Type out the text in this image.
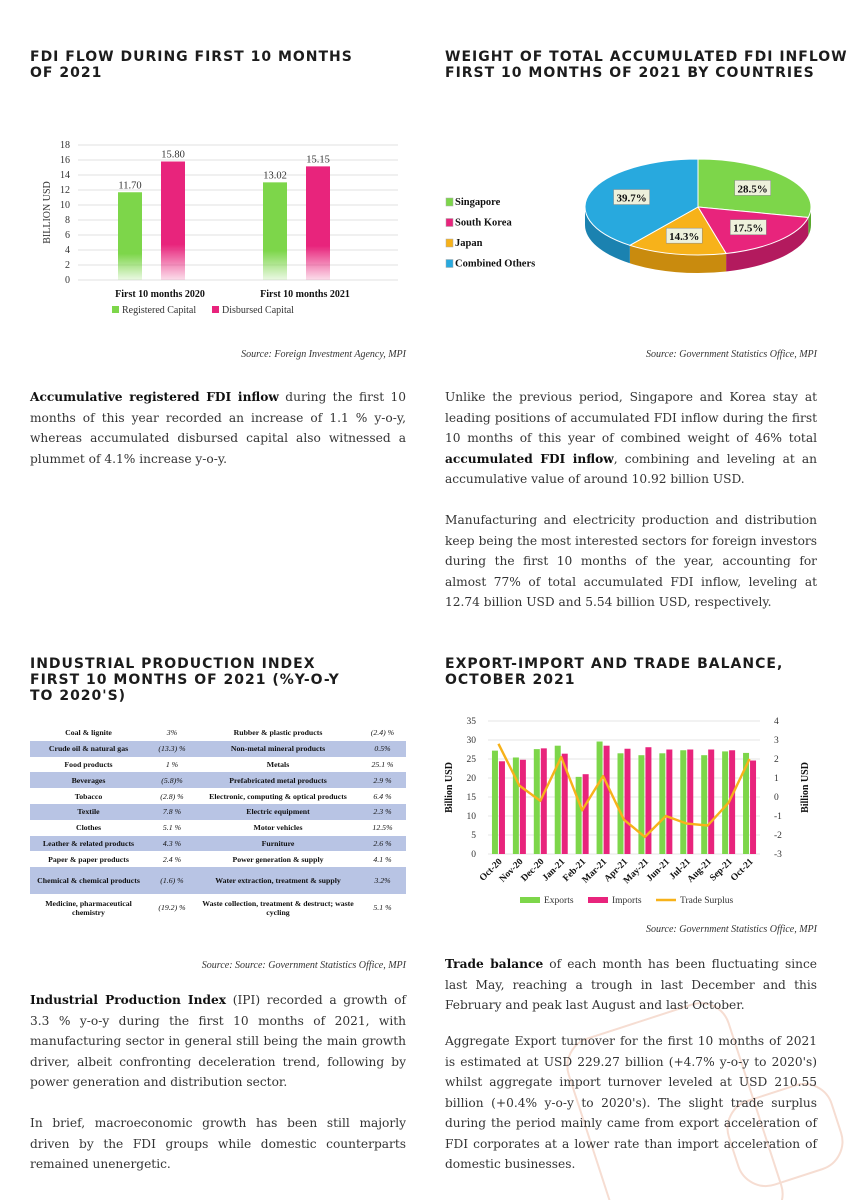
FDI FLOW DURING FIRST 10 MONTHS
OF 2021
0
2
4
6
8
10
12
14
16
18
BILLION USD	11.70
15.80
First 10 months 2020
13.02
15.15
First 10 months 2021
Registered Capital	Disbursed Capital
Source: Foreign Investment Agency, MPI
Accumulative registered FDI inflow during the first 10 months of this year recorded an increase of 1.1 % y-o-y, whereas accumulated disbursed capital also witnessed a plummet of 4.1% increase y-o-y.
WEIGHT OF TOTAL ACCUMULATED FDI INFLOW
FIRST 10 MONTHS OF 2021 BY COUNTRIES
28.5%
17.5%
14.3%
39.7%
Singapore
South Korea
Japan
Combined Others
Source: Government Statistics Office, MPI
Unlike the previous period, Singapore and Korea stay at leading positions of accumulated FDI inflow during the first 10 months of this year of combined weight of 46% total accumulated FDI inflow, combining and leveling at an accumulative value of around 10.92 billion USD.
Manufacturing and electricity production and distribution keep being the most interested sectors for foreign investors during the first 10 months of the year, accounting for almost 77% of total accumulated FDI inflow, leveling at 12.74 billion USD and 5.54 billion USD, respectively.
INDUSTRIAL PRODUCTION INDEX
FIRST 10 MONTHS OF 2021 (%Y-O-Y
TO 2020'S)
Coal & lignite	3%	Rubber & plastic products	(2.4) %
Crude oil & natural gas	(13.3) %	Non-metal mineral products	0.5%
Food products	1 %	Metals	25.1 %
Beverages	(5.8)%	Prefabricated metal products	2.9 %
Tobacco	(2.8) %	Electronic, computing & optical products	6.4 %
Textile	7.8 %	Electric equipment	2.3 %
Clothes	5.1 %	Motor vehicles	12.5%
Leather & related products	4.3 %	Furniture	2.6 %
Paper & paper products	2.4 %	Power generation & supply	4.1 %
Chemical & chemical products	(1.6) %	Water extraction, treatment & supply	3.2%
Medicine, pharmaceutical chemistry	(19.2) %	Waste collection, treatment & destruct; waste cycling	5.1 %
Source: Source: Government Statistics Office, MPI
Industrial Production Index (IPI) recorded a growth of 3.3 % y-o-y during the first 10 months of 2021, with manufacturing sector in general still being the main growth driver, albeit confronting deceleration trend, following by power generation and distribution sector.
In brief, macroeconomic growth has been still majorly driven by the FDI groups while domestic counterparts remained unenergetic.
EXPORT-IMPORT AND TRADE BALANCE,
OCTOBER 2021
0
5
10
15
20
25
30
35
-3
-2
-1
0
1
2
3
4
Billion USD	Billion USD
Oct-20
Nov-20
Dec-20
Jan-21
Feb-21
Mar-21
Apr-21
May-21
Jun-21
Jul-21
Aug-21
Sep-21
Oct-21
Exports	Imports	Trade Surplus
Source: Government Statistics Office, MPI
Trade balance of each month has been fluctuating since last May, reaching a trough in last December and this February and peak last August and last October.
Aggregate Export turnover for the first 10 months of 2021 is estimated at USD 229.27 billion (+4.7% y-o-y to 2020's) whilst aggregate import turnover leveled at USD 210.55 billion (+0.4% y-o-y to 2020's). The slight trade surplus during the period mainly came from export acceleration of FDI corporates at a lower rate than import acceleration of domestic businesses.
